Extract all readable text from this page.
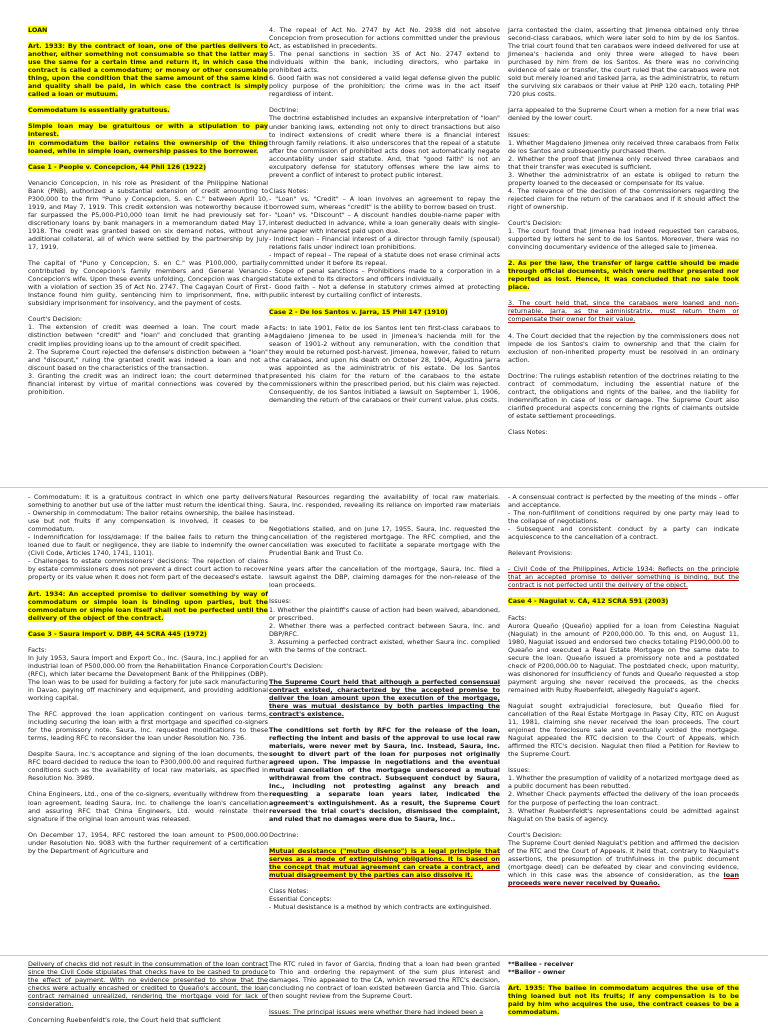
LOAN

Art. 1933: By the contract of loan, one of the parties delivers to another, either something not consumable so that the latter may use the same for a certain time and return it, in which case the contract is called a commodatum; or money or other consumable thing, upon the condition that the same amount of the same kind and quality shall be paid, in which case the contract is simply called a loan or mutuum.

Commodatum is essentially gratuitous.

Simple loan may be gratuitous or with a stipulation to pay interest.
In commodatum the bailor retains the ownership of the thing loaned, while in simple loan, ownership passes to the borrower.

Case 1 - People v. Concepcion, 44 Phil 126 (1922)

Venancio Concepcion, in his role as President of the Philippine National Bank (PNB), authorized a substantial extension of credit amounting to P300,000 to the firm "Puno y Concepcion, S. en C." between April 10, 1919, and May 7, 1919. This credit extension was noteworthy because it far surpassed the P5,000-P10,000 loan limit he had previously set for discretionary loans by bank managers in a memorandum dated May 17, 1918. The credit was granted based on six demand notes, without any additional collateral, all of which were settled by the partnership by July 17, 1919.

The capital of "Puno y Concepcion, S. en C." was P100,000, partially contributed by Concepcion's family members and General Venancio Concepcion's wife. Upon these events unfolding, Concepcion was charged with a violation of section 35 of Act No. 2747. The Cagayan Court of First Instance found him guilty, sentencing him to imprisonment, fine, with subsidiary imprisonment for insolvency, and the payment of costs.

Court's Decision:
1. The extension of credit was deemed a loan. The court made a distinction between "credit" and "loan" and concluded that granting a credit implies providing loans up to the amount of credit specified.
2. The Supreme Court rejected the defense's distinction between a "loan" and "discount," ruling the granted credit was indeed a loan and not a discount based on the characteristics of the transaction.
3. Granting the credit was an indirect loan; the court determined that financial interest by virtue of marital connections was covered by the prohibition.

4. The repeal of Act No. 2747 by Act No. 2938 did not absolve Concepcion from prosecution for actions committed under the previous Act, as established in precedents.
5. The penal sanctions in section 35 of Act No. 2747 extend to individuals within the bank, including directors, who partake in prohibited acts.
6. Good faith was not considered a valid legal defense given the public policy purpose of the prohibition; the crime was in the act itself regardless of intent.

Doctrine:
The doctrine established includes an expansive interpretation of "loan" under banking laws, extending not only to direct transactions but also to indirect extensions of credit where there is a financial interest through family relations. It also underscores that the repeal of a statute after the commission of prohibited acts does not automatically negate accountability under said statute. And, that "good faith" is not an exculpatory defense for statutory offenses where the law aims to prevent a conflict of interest to protect public interest.

Class Notes:
- "Loan" vs. "Credit" – A loan involves an agreement to repay the borrowed sum, whereas "credit" is the ability to borrow based on trust.
- "Loan" vs. "Discount" – A discount handles double-name paper with interest deducted in advance, while a loan generally deals with single-name paper with interest paid upon due.
- Indirect loan – Financial interest of a director through family (spousal) relations falls under indirect loan prohibitions.
- Impact of repeal – The repeal of a statute does not erase criminal acts committed under it before its repeal.
- Scope of penal sanctions – Prohibitions made to a corporation in a statute extend to its directors and officers individually.
- Good faith – Not a defense in statutory crimes aimed at protecting public interest by curtailing conflict of interests.

Case 2 - De los Santos v. Jarra, 15 Phil 147 (1910)

Facts: In late 1901, Felix de los Santos lent ten first-class carabaos to Magdaleno Jimenea to be used in Jimenea's hacienda mill for the season of 1901-2 without any remuneration, with the condition that they would be returned post-harvest. Jimenea, however, failed to return the carabaos, and upon his death on October 28, 1904, Agustina Jarra was appointed as the administratrix of his estate. De los Santos presented his claim for the return of the carabaos to the estate commissioners within the prescribed period, but his claim was rejected. Consequently, de los Santos initiated a lawsuit on September 1, 1906, demanding the return of the carabaos or their current value, plus costs.

Jarra contested the claim, asserting that Jimenea obtained only three second-class carabaos, which were later sold to him by de los Santos. The trial court found that ten carabaos were indeed delivered for use at Jimenea's hacienda and only three were alleged to have been purchased by him from de los Santos. As there was no convincing evidence of sale or transfer, the court ruled that the carabaos were not sold but merely loaned and tasked Jarra, as the administratrix, to return the surviving six carabaos or their value at PHP 120 each, totaling PHP 720 plus costs.

Jarra appealed to the Supreme Court when a motion for a new trial was denied by the lower court.

Issues:
1. Whether Magdaleno Jimenea only received three carabaos from Felix de los Santos and subsequently purchased them.
2. Whether the proof that Jimenea only received three carabaos and that their transfer was executed is sufficient.
3. Whether the administratrix of an estate is obliged to return the property loaned to the deceased or compensate for its value.
4. The relevance of the decision of the commissioners regarding the rejected claim for the return of the carabaos and if it should affect the right of ownership.

Court's Decision:
1. The court found that Jimenea had indeed requested ten carabaos, supported by letters he sent to de los Santos. Moreover, there was no convincing documentary evidence of the alleged sale to Jimenea.

2. As per the law, the transfer of large cattle should be made through official documents, which were neither presented nor reported as lost. Hence, it was concluded that no sale took place.

3. The court held that, since the carabaos were loaned and non-returnable, Jarra, as the administratrix, must return them or compensate their owner for their value.

4. The Court decided that the rejection by the commissioners does not impede de los Santos's claim to ownership and that the claim for exclusion of non-inherited property must be resolved in an ordinary action.

Doctrine: The rulings establish retention of the doctrines relating to the contract of commodatum, including the essential nature of the contract, the obligations and rights of the bailee, and the liability for indemnification in case of loss or damage. The Supreme Court also clarified procedural aspects concerning the rights of claimants outside of estate settlement proceedings.

Class Notes:

- Commodatum: It is a gratuitous contract in which one party delivers something to another but use of the latter must return the identical thing.
- Ownership in commodatum: The bailor retains ownership, the bailee has use but not fruits if any compensation is involved, it ceases to be commodatum.
- Indemnification for loss/damage: If the bailee fails to return the thing loaned due to fault or negligence, they are liable to indemnify the owner (Civil Code, Articles 1740, 1741, 1101).
- Challenges to estate commissioners' decisions: The rejection of claims by estate commissioners does not prevent a direct court action to recover property or its value when it does not form part of the deceased's estate.

Art. 1934: An accepted promise to deliver something by way of commodatum or simple loan is binding upon parties, but the commodatum or simple loan itself shall not be perfected until the delivery of the object of the contract.

Case 3 - Saura Import v. DBP, 44 SCRA 445 (1972)

Facts:
In July 1953, Saura Import and Export Co., Inc. (Saura, Inc.) applied for an industrial loan of P500,000.00 from the Rehabilitation Finance Corporation (RFC), which later became the Development Bank of the Philippines (DBP). The loan was to be used for building a factory for jute sack manufacturing in Davao, paying off machinery and equipment, and providing additional working capital.

The RFC approved the loan application contingent on various terms, including securing the loan with a first mortgage and specified co-signers for the promissory note. Saura, Inc. requested modifications to these terms, leading RFC to reconsider the loan under Resolution No. 736.

Despite Saura, Inc.'s acceptance and signing of the loan documents, the RFC board decided to reduce the loan to P300,000.00 and required further conditions such as the availability of local raw materials, as specified in Resolution No. 3989.

China Engineers, Ltd., one of the co-signers, eventually withdrew from the loan agreement, leading Saura, Inc. to challenge the loan's cancellation and assuring RFC that China Engineers, Ltd. would reinstate their signature if the original loan amount was released.

On December 17, 1954, RFC restored the loan amount to P500,000.00 under Resolution No. 9083 with the further requirement of a certification by the Department of Agriculture and

Natural Resources regarding the availability of local raw materials. Saura, Inc. responded, revealing its reliance on imported raw materials instead.

Negotiations stalled, and on June 17, 1955, Saura, Inc. requested the cancellation of the registered mortgage. The RFC complied, and the cancellation was executed to facilitate a separate mortgage with the Prudential Bank and Trust Co.

Nine years after the cancellation of the mortgage, Saura, Inc. filed a lawsuit against the DBP, claiming damages for the non-release of the loan proceeds.

Issues:
1. Whether the plaintiff's cause of action had been waived, abandoned, or prescribed.
2. Whether there was a perfected contract between Saura, Inc. and DBP/RFC.
3. Assuming a perfected contract existed, whether Saura Inc. complied with the terms of the contract.

Court's Decision:

The Supreme Court held that although a perfected consensual contract existed, characterized by the accepted promise to deliver the loan amount upon the execution of the mortgage, there was mutual desistance by both parties impacting the contract's existence.

The conditions set forth by RFC for the release of the loan, reflecting the intent and basis of the approval to use local raw materials, were never met by Saura, Inc. Instead, Saura, Inc. sought to divert part of the loan for purposes not originally agreed upon. The impasse in negotiations and the eventual mutual cancellation of the mortgage underscored a mutual withdrawal from the contract. Subsequent conduct by Saura, Inc., including not protesting against any breach and requesting a separate loan years later, indicated the agreement's extinguishment. As a result, the Supreme Court reversed the trial court's decision, dismissed the complaint, and ruled that no damages were due to Saura, Inc..

Doctrine:

Mutual desistance ("mutuo disenso") is a legal principle that serves as a mode of extinguishing obligations. It is based on the concept that mutual agreement can create a contract, and mutual disagreement by the parties can also dissolve it.

Class Notes:
Essential Concepts:
- Mutual desistance is a method by which contracts are extinguished.

- A consensual contract is perfected by the meeting of the minds – offer and acceptance.
- The non-fulfillment of conditions required by one party may lead to the collapse of negotiations.
- Subsequent and consistent conduct by a party can indicate acquiescence to the cancellation of a contract.

Relevant Provisions:

- Civil Code of the Philippines, Article 1934: Reflects on the principle that an accepted promise to deliver something is binding, but the contract is not perfected until the delivery of the object.

Case 4 - Naguiat v. CA, 412 SCRA 591 (2003)

Facts:
Aurora Queaño (Queaño) applied for a loan from Celestina Naguiat (Naguiat) in the amount of P200,000.00. To this end, on August 11, 1980, Naguiat issued and endorsed two checks totaling P190,000.00 to Queaño and executed a Real Estate Mortgage on the same date to secure the loan. Queaño issued a promissory note and a postdated check of P200,000.00 to Naguiat. The postdated check, upon maturity, was dishonored for insufficiency of funds and Queaño requested a stop payment arguing she never received the proceeds, as the checks remained with Ruby Ruebenfeldt, allegedly Naguiat's agent.

Naguiat sought extrajudicial foreclosure, but Queaño filed for cancellation of the Real Estate Mortgage in Pasay City, RTC on August 11, 1981, claiming she never received the loan proceeds. The court enjoined the foreclosure sale and eventually voided the mortgage. Naguiat appealed the RTC decision to the Court of Appeals, which affirmed the RTC's decision. Naguiat then filed a Petition for Review to the Supreme Court.

Issues:
1. Whether the presumption of validity of a notarized mortgage deed as a public document has been rebutted.
2. Whether Check payments effected the delivery of the loan proceeds for the purpose of perfecting the loan contract.
3. Whether Ruebenfeldt's representations could be admitted against Naguiat on the basis of agency.

Court's Decision:
The Supreme Court denied Naguiat's petition and affirmed the decision of the RTC and the Court of Appeals. It held that, contrary to Naguiat's assertions, the presumption of truthfulness in the public document (mortgage deed) can be defeated by clear and convincing evidence, which in this case was the absence of consideration, as the loan proceeds were never received by Queaño.

Delivery of checks did not result in the consummation of the loan contract since the Civil Code stipulates that checks have to be cashed to produce the effect of payment. With no evidence presented to show that the checks were actually encashed or credited to Queaño's account, the loan contract remained unrealized, rendering the mortgage void for lack of consideration.

Concerning Ruebenfeldt's role, the Court held that sufficient

The RTC ruled in favor of Garcia, finding that a loan had been granted to Thio and ordering the repayment of the sum plus interest and damages. Thio appealed to the CA, which reversed the RTC's decision, concluding no contract of loan existed between Garcia and Thio. Garcia then sought review from the Supreme Court.

Issues: The principal issues were whether there had indeed been a

**Bailee - receiver
**Bailor - owner

Art. 1935: The bailee in commodatum acquires the use of the thing loaned but not its fruits; if any compensation is to be paid by him who acquires the use, the contract ceases to be a commodatum.
